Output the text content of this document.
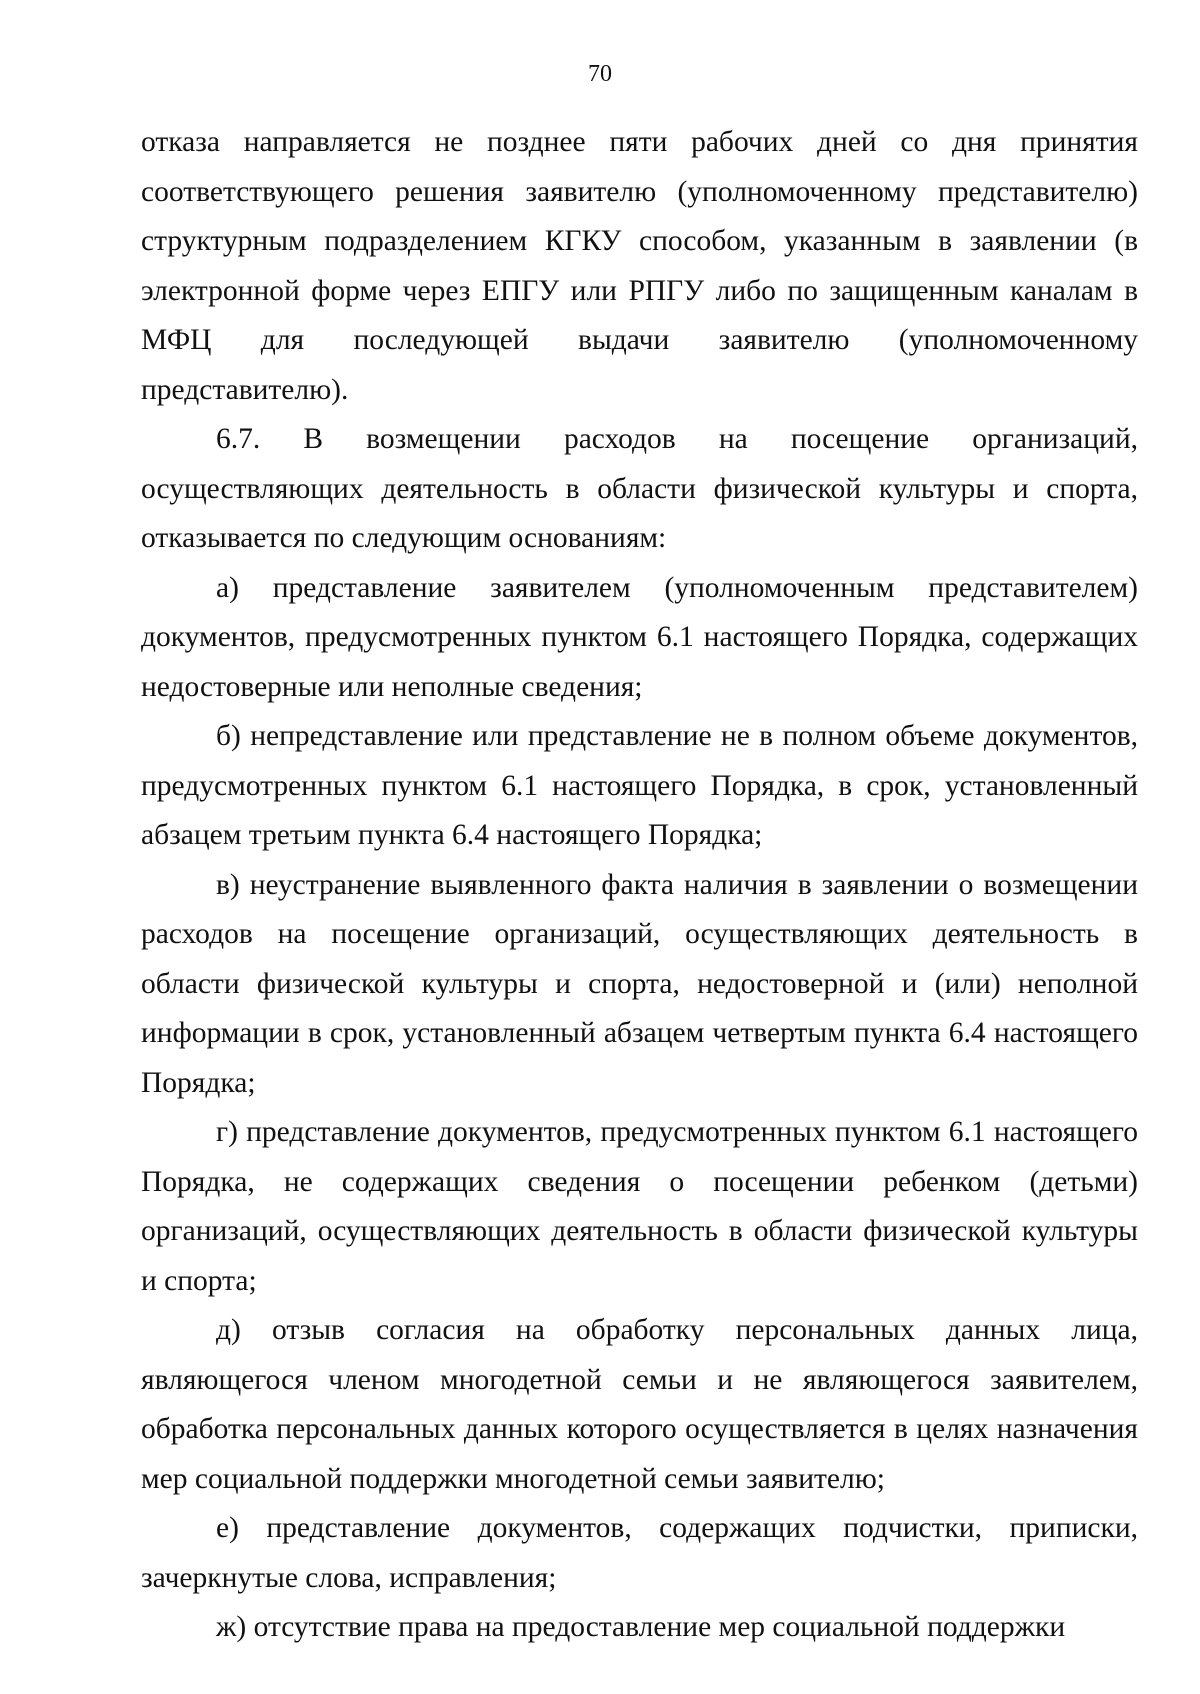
70

отказа направляется не позднее пяти рабочих дней со дня принятия соответствующего решения заявителю (уполномоченному представителю) структурным подразделением КГКУ способом, указанным в заявлении (в электронной форме через ЕПГУ или РПГУ либо по защищенным каналам в МФЦ для последующей выдачи заявителю (уполномоченному представителю).

6.7. В возмещении расходов на посещение организаций, осуществляющих деятельность в области физической культуры и спорта, отказывается по следующим основаниям:

а) представление заявителем (уполномоченным представителем) документов, предусмотренных пунктом 6.1 настоящего Порядка, содержащих недостоверные или неполные сведения;

б) непредставление или представление не в полном объеме документов, предусмотренных пунктом 6.1 настоящего Порядка, в срок, установленный абзацем третьим пункта 6.4 настоящего Порядка;

в) неустранение выявленного факта наличия в заявлении о возмещении расходов на посещение организаций, осуществляющих деятельность в области физической культуры и спорта, недостоверной и (или) неполной информации в срок, установленный абзацем четвертым пункта 6.4 настоящего Порядка;

г) представление документов, предусмотренных пунктом 6.1 настоящего Порядка, не содержащих сведения о посещении ребенком (детьми) организаций, осуществляющих деятельность в области физической культуры и спорта;

д) отзыв согласия на обработку персональных данных лица, являющегося членом многодетной семьи и не являющегося заявителем, обработка персональных данных которого осуществляется в целях назначения мер социальной поддержки многодетной семьи заявителю;

е) представление документов, содержащих подчистки, приписки, зачеркнутые слова, исправления;

ж) отсутствие права на предоставление мер социальной поддержки
